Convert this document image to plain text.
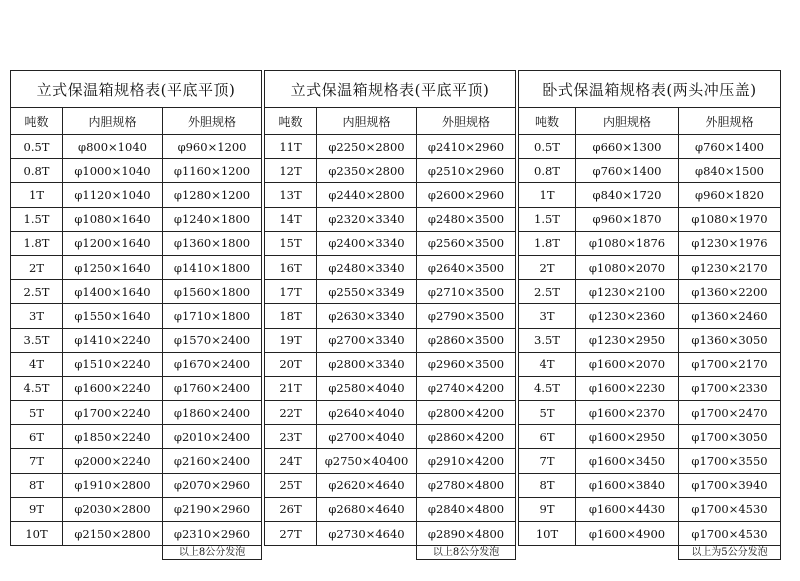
立式保温箱规格表(平底平顶)		
吨数	内胆规格	外胆规格
0.5T	φ800×1040	φ960×1200
0.8T	φ1000×1040	φ1160×1200
1T	φ1120×1040	φ1280×1200
1.5T	φ1080×1640	φ1240×1800
1.8T	φ1200×1640	φ1360×1800
2T	φ1250×1640	φ1410×1800
2.5T	φ1400×1640	φ1560×1800
3T	φ1550×1640	φ1710×1800
3.5T	φ1410×2240	φ1570×2400
4T	φ1510×2240	φ1670×2400
4.5T	φ1600×2240	φ1760×2400
5T	φ1700×2240	φ1860×2400
6T	φ1850×2240	φ2010×2400
7T	φ2000×2240	φ2160×2400
8T	φ1910×2800	φ2070×2960
9T	φ2030×2800	φ2190×2960
10T	φ2150×2800	φ2310×2960
		以上8公分发泡
立式保温箱规格表(平底平顶)		
吨数	内胆规格	外胆规格
11T	φ2250×2800	φ2410×2960
12T	φ2350×2800	φ2510×2960
13T	φ2440×2800	φ2600×2960
14T	φ2320×3340	φ2480×3500
15T	φ2400×3340	φ2560×3500
16T	φ2480×3340	φ2640×3500
17T	φ2550×3349	φ2710×3500
18T	φ2630×3340	φ2790×3500
19T	φ2700×3340	φ2860×3500
20T	φ2800×3340	φ2960×3500
21T	φ2580×4040	φ2740×4200
22T	φ2640×4040	φ2800×4200
23T	φ2700×4040	φ2860×4200
24T	φ2750×40400	φ2910×4200
25T	φ2620×4640	φ2780×4800
26T	φ2680×4640	φ2840×4800
27T	φ2730×4640	φ2890×4800
		以上8公分发泡
卧式保温箱规格表(两头冲压盖)		
吨数	内胆规格	外胆规格
0.5T	φ660×1300	φ760×1400
0.8T	φ760×1400	φ840×1500
1T	φ840×1720	φ960×1820
1.5T	φ960×1870	φ1080×1970
1.8T	φ1080×1876	φ1230×1976
2T	φ1080×2070	φ1230×2170
2.5T	φ1230×2100	φ1360×2200
3T	φ1230×2360	φ1360×2460
3.5T	φ1230×2950	φ1360×3050
4T	φ1600×2070	φ1700×2170
4.5T	φ1600×2230	φ1700×2330
5T	φ1600×2370	φ1700×2470
6T	φ1600×2950	φ1700×3050
7T	φ1600×3450	φ1700×3550
8T	φ1600×3840	φ1700×3940
9T	φ1600×4430	φ1700×4530
10T	φ1600×4900	φ1700×4530
		以上为5公分发泡
